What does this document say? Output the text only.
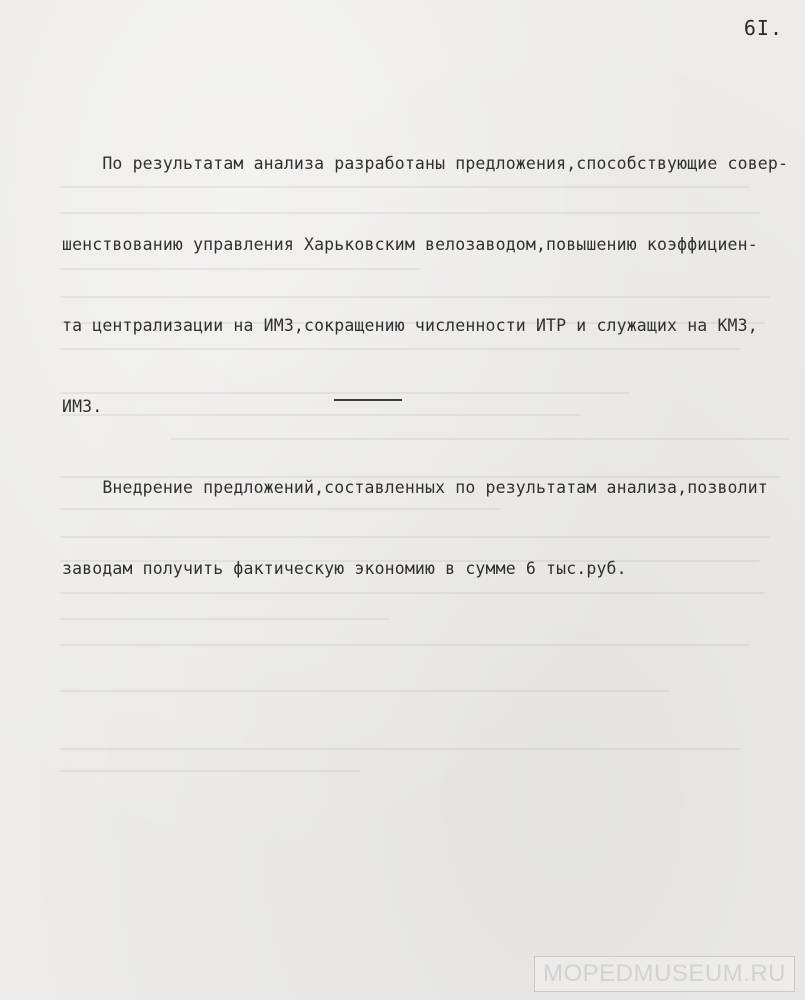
6I.

По результатам анализа разработаны предложения,способствующие совер-

шенствованию управления Харьковским велозаводом,повышению коэффициен-

та централизации на ИМЗ,сокращению численности ИТР и служащих на КМЗ,

ИМЗ.

Внедрение предложений,составленных по результатам анализа,позволит

заводам получить фактическую экономию в сумме 6 тыс.руб.

MOPEDMUSEUM.RU
